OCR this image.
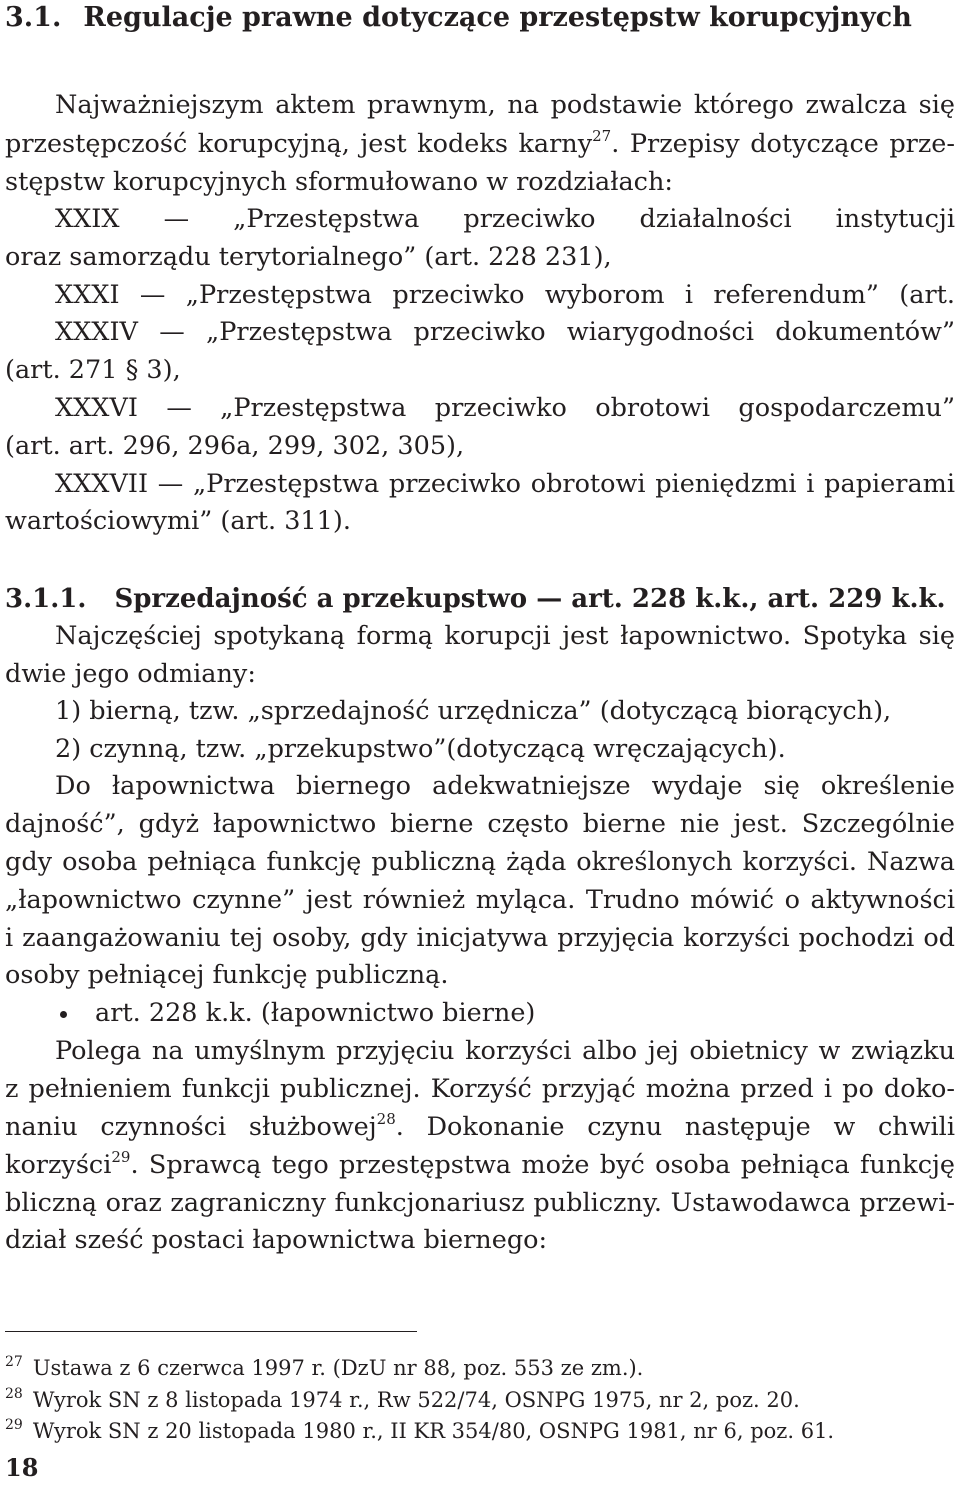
3.1. Regulacje prawne dotyczące przestępstw korupcyjnych
Najważniejszym aktem prawnym, na podstawie którego zwalcza się
przestępczość korupcyjną, jest kodeks karny$^{27}$. Przepisy dotyczące prze-
stępstw korupcyjnych sformułowano w rozdziałach:
XXIX — „Przestępstwa przeciwko działalności instytucji
oraz samorządu terytorialnego” (art. 228 231),
XXXI — „Przestępstwa przeciwko wyborom i referendum” (art.
XXXIV — „Przestępstwa przeciwko wiarygodności dokumentów”
(art. 271 § 3),
XXXVI — „Przestępstwa przeciwko obrotowi gospodarczemu”
(art. art. 296, 296a, 299, 302, 305),
XXXVII — „Przestępstwa przeciwko obrotowi pieniędzmi i papierami
wartościowymi” (art. 311).
3.1.1. Sprzedajność a przekupstwo — art. 228 k.k., art. 229 k.k.
Najczęściej spotykaną formą korupcji jest łapownictwo. Spotyka się
dwie jego odmiany:
1) bierną, tzw. „sprzedajność urzędnicza” (dotyczącą biorących),
2) czynną, tzw. „przekupstwo”(dotyczącą wręczających).
Do łapownictwa biernego adekwatniejsze wydaje się określenie
dajność”, gdyż łapownictwo bierne często bierne nie jest. Szczególnie
gdy osoba pełniąca funkcję publiczną żąda określonych korzyści. Nazwa
„łapownictwo czynne” jest również myląca. Trudno mówić o aktywności
i zaangażowaniu tej osoby, gdy inicjatywa przyjęcia korzyści pochodzi od
osoby pełniącej funkcję publiczną.
art. 228 k.k. (łapownictwo bierne)
Polega na umyślnym przyjęciu korzyści albo jej obietnicy w związku
z pełnieniem funkcji publicznej. Korzyść przyjąć można przed i po doko-
naniu czynności służbowej$^{28}$. Dokonanie czynu następuje w chwili
korzyści$^{29}$. Sprawcą tego przestępstwa może być osoba pełniąca funkcję
bliczną oraz zagraniczny funkcjonariusz publiczny. Ustawodawca przewi-
dział sześć postaci łapownictwa biernego:
$^{27}$ Ustawa z 6 czerwca 1997 r. (DzU nr 88, poz. 553 ze zm.).
$^{28}$ Wyrok SN z 8 listopada 1974 r., Rw 522/74, OSNPG 1975, nr 2, poz. 20.
$^{29}$ Wyrok SN z 20 listopada 1980 r., II KR 354/80, OSNPG 1981, nr 6, poz. 61.
18
